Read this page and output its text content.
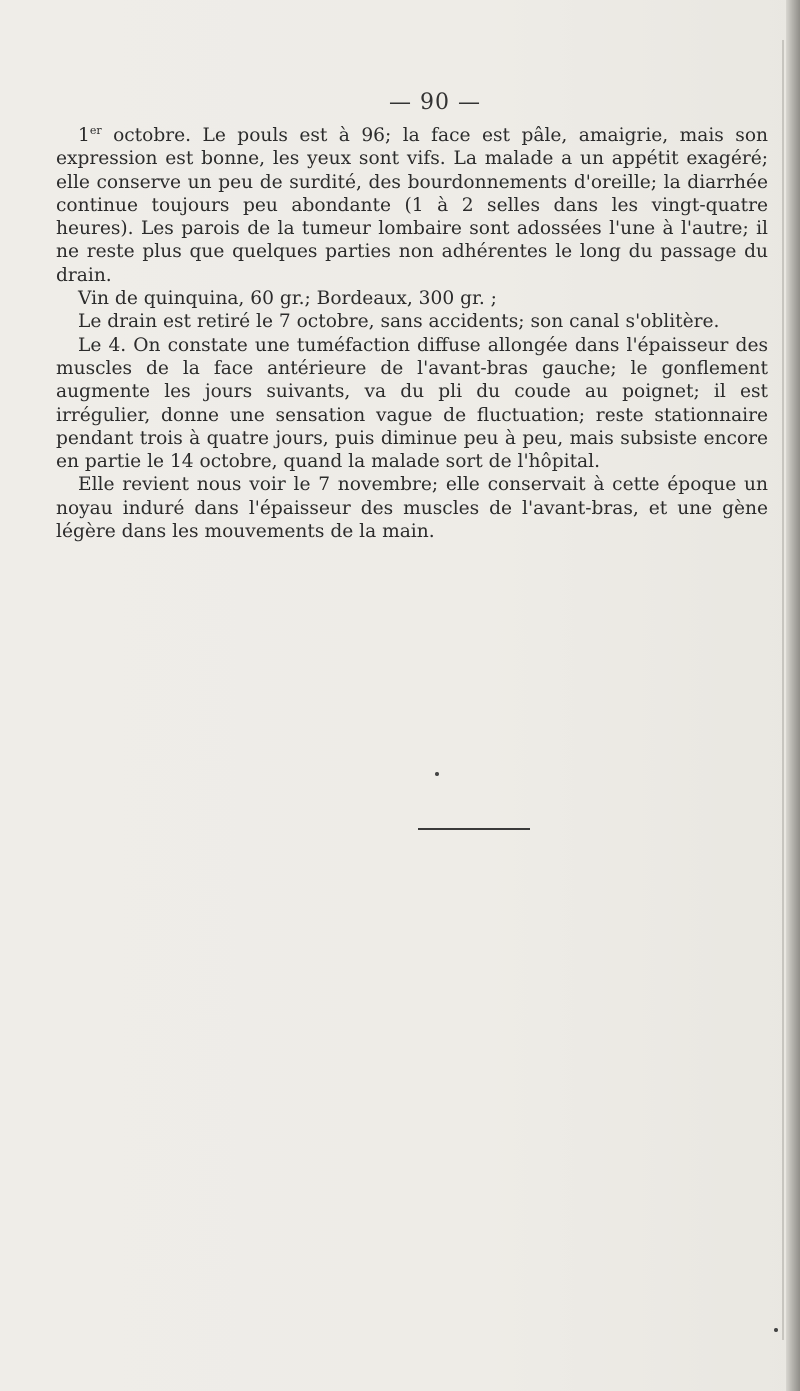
— 90 —

1er octobre. Le pouls est à 96; la face est pâle, amaigrie, mais son expression est bonne, les yeux sont vifs. La malade a un appétit exagéré; elle conserve un peu de surdité, des bourdonnements d'oreille; la diarrhée continue toujours peu abondante (1 à 2 selles dans les vingt-quatre heures). Les parois de la tumeur lombaire sont adossées l'une à l'autre; il ne reste plus que quelques parties non adhérentes le long du passage du drain.

Vin de quinquina, 60 gr.; Bordeaux, 300 gr. ;

Le drain est retiré le 7 octobre, sans accidents; son canal s'oblitère.

Le 4. On constate une tuméfaction diffuse allongée dans l'épaisseur des muscles de la face antérieure de l'avant-bras gauche; le gonflement augmente les jours suivants, va du pli du coude au poignet; il est irrégulier, donne une sensation vague de fluctuation; reste stationnaire pendant trois à quatre jours, puis diminue peu à peu, mais subsiste encore en partie le 14 octobre, quand la malade sort de l'hôpital.

Elle revient nous voir le 7 novembre; elle conservait à cette époque un noyau induré dans l'épaisseur des muscles de l'avant-bras, et une gène légère dans les mouvements de la main.
